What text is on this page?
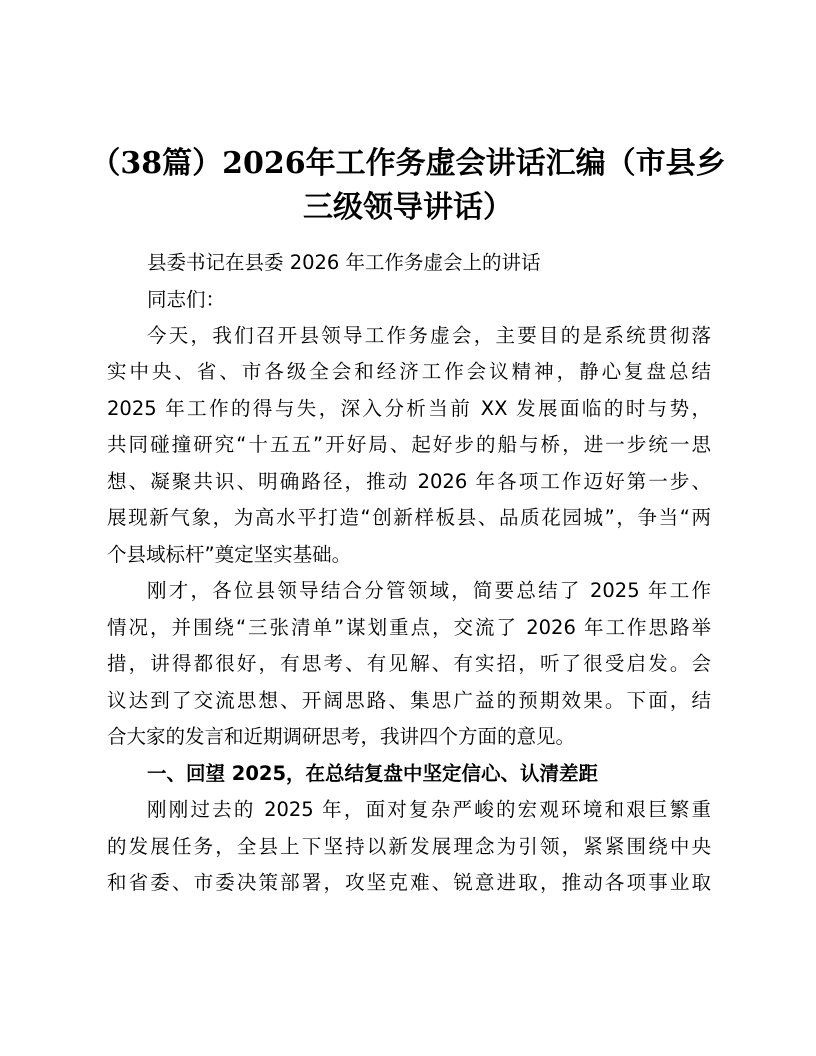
（38篇）2026年工作务虚会讲话汇编（市县乡
三级领导讲话）
县委书记在县委 2026 年工作务虚会上的讲话
同志们：
今天，我们召开县领导工作务虚会，主要目的是系统贯彻落
实中央、省、市各级全会和经济工作会议精神，静心复盘总结
2025 年工作的得与失，深入分析当前 XX 发展面临的时与势，
共同碰撞研究“十五五”开好局、起好步的船与桥，进一步统一思
想、凝聚共识、明确路径，推动 2026 年各项工作迈好第一步、
展现新气象，为高水平打造“创新样板县、品质花园城”，争当“两
个县域标杆”奠定坚实基础。
刚才，各位县领导结合分管领域，简要总结了 2025 年工作
情况，并围绕“三张清单”谋划重点，交流了 2026 年工作思路举
措，讲得都很好，有思考、有见解、有实招，听了很受启发。会
议达到了交流思想、开阔思路、集思广益的预期效果。下面，结
合大家的发言和近期调研思考，我讲四个方面的意见。
一、回望 2025，在总结复盘中坚定信心、认清差距
刚刚过去的 2025 年，面对复杂严峻的宏观环境和艰巨繁重
的发展任务，全县上下坚持以新发展理念为引领，紧紧围绕中央
和省委、市委决策部署，攻坚克难、锐意进取，推动各项事业取
